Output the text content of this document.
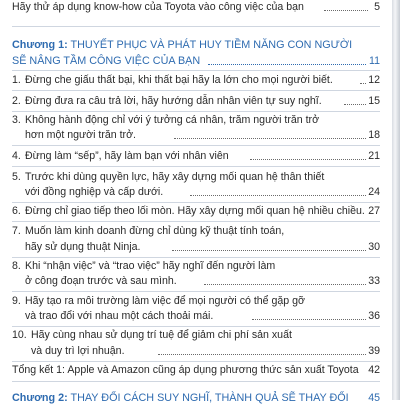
Hãy thử áp dụng know-how của Toyota vào công việc của bạn	5
Chương 1: THUYẾT PHỤC VÀ PHÁT HUY TIỀM NĂNG CON NGƯỜI
SẼ NÂNG TẦM CÔNG VIỆC CỦA BẠN	11
1. Đừng che giấu thất bại, khi thất bại hãy la lớn cho mọi người biết.	12
2. Đừng đưa ra câu trả lời, hãy hướng dẫn nhân viên tự suy nghĩ.	15
3. Không hành động chỉ với ý tưởng cá nhân, trăm người trăn trở
hơn một người trăn trở.	18
4. Đừng làm “sếp”, hãy làm bạn với nhân viên	21
5. Trước khi dùng quyền lực, hãy xây dựng mối quan hệ thân thiết
với đồng nghiệp và cấp dưới.	24
6. Đừng chỉ giao tiếp theo lối mòn. Hãy xây dựng mối quan hệ nhiều chiều. 27
7. Muốn làm kinh doanh đừng chỉ dùng kỹ thuật tính toán,
hãy sử dụng thuật Ninja.	30
8. Khi “nhận việc” và “trao việc” hãy nghĩ đến người làm
ở công đoạn trước và sau mình.	33
9. Hãy tạo ra môi trường làm việc để mọi người có thể gặp gỡ
và trao đổi với nhau một cách thoải mái.	36
10. Hãy cùng nhau sử dụng trí tuệ để giảm chi phí sản xuất
và duy trì lợi nhuận.	39
Tổng kết 1: Apple và Amazon cũng áp dụng phương thức sản xuất Toyota 42
Chương 2: THAY ĐỔI CÁCH SUY NGHĨ, THÀNH QUẢ SẼ THAY ĐỔI 45
